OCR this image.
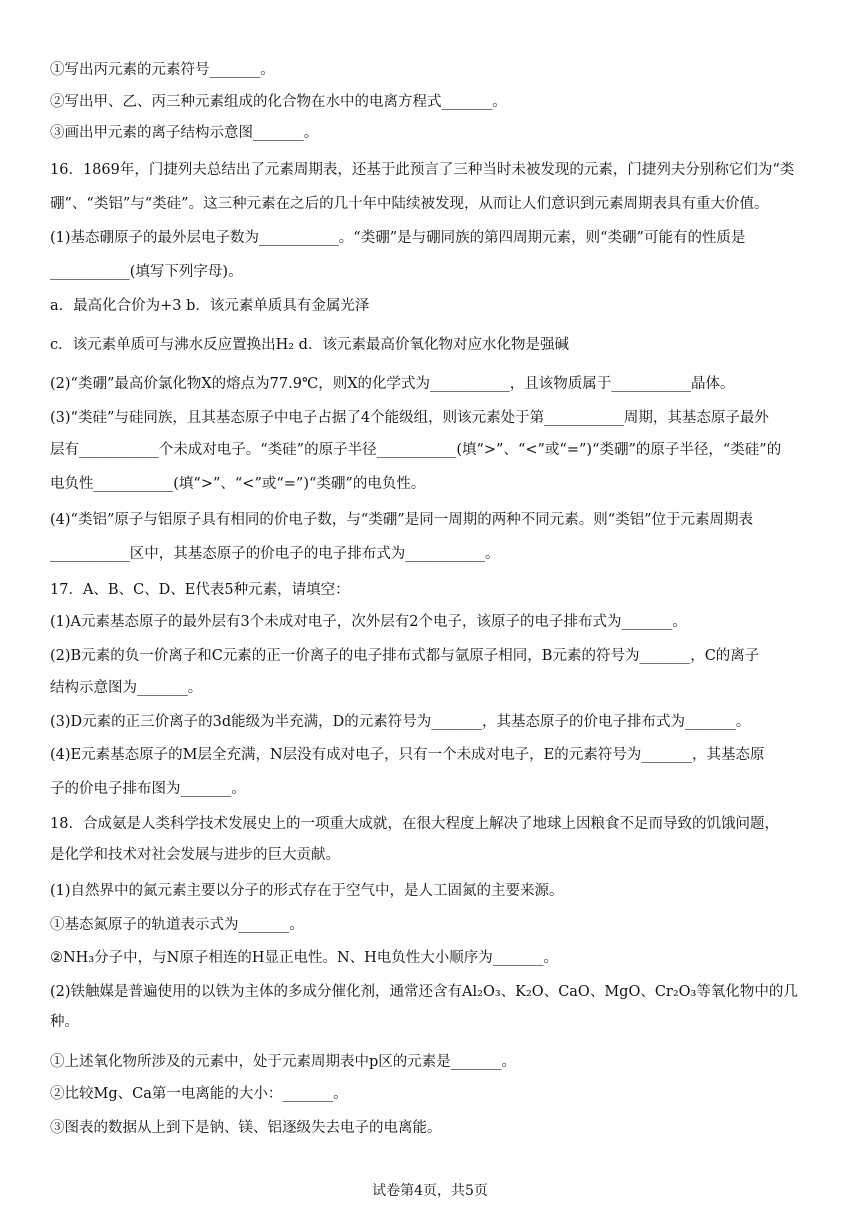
①写出丙元素的元素符号_______。
②写出甲、乙、丙三种元素组成的化合物在水中的电离方程式_______。
③画出甲元素的离子结构示意图_______。
16．1869年，门捷列夫总结出了元素周期表，还基于此预言了三种当时未被发现的元素，门捷列夫分别称它们为“类
硼”、“类铝”与“类硅”。这三种元素在之后的几十年中陆续被发现，从而让人们意识到元素周期表具有重大价值。
(1)基态硼原子的最外层电子数为___________。“类硼”是与硼同族的第四周期元素，则“类硼”可能有的性质是
___________(填写下列字母)。
a．最高化合价为+3 b．该元素单质具有金属光泽
c．该元素单质可与沸水反应置换出H₂ d．该元素最高价氧化物对应水化物是强碱
(2)“类硼”最高价氯化物X的熔点为77.9℃，则X的化学式为___________，且该物质属于___________晶体。
(3)“类硅”与硅同族，且其基态原子中电子占据了4个能级组，则该元素处于第___________周期，其基态原子最外
层有___________个未成对电子。“类硅”的原子半径___________(填“>”、“<”或“=”)“类硼”的原子半径，“类硅”的
电负性___________(填“>”、“<”或“=”)“类硼”的电负性。
(4)“类铝”原子与铝原子具有相同的价电子数，与“类硼”是同一周期的两种不同元素。则“类铝”位于元素周期表
___________区中，其基态原子的价电子的电子排布式为___________。
17．A、B、C、D、E代表5种元素，请填空：
(1)A元素基态原子的最外层有3个未成对电子，次外层有2个电子，该原子的电子排布式为_______。
(2)B元素的负一价离子和C元素的正一价离子的电子排布式都与氩原子相同，B元素的符号为_______，C的离子
结构示意图为_______。
(3)D元素的正三价离子的3d能级为半充满，D的元素符号为_______，其基态原子的价电子排布式为_______。
(4)E元素基态原子的M层全充满，N层没有成对电子，只有一个未成对电子，E的元素符号为_______，其基态原
子的价电子排布图为_______。
18．合成氨是人类科学技术发展史上的一项重大成就，在很大程度上解决了地球上因粮食不足而导致的饥饿问题，
是化学和技术对社会发展与进步的巨大贡献。
(1)自然界中的氮元素主要以分子的形式存在于空气中，是人工固氮的主要来源。
①基态氮原子的轨道表示式为_______。
②NH₃分子中，与N原子相连的H显正电性。N、H电负性大小顺序为_______。
(2)铁触媒是普遍使用的以铁为主体的多成分催化剂，通常还含有Al₂O₃、K₂O、CaO、MgO、Cr₂O₃等氧化物中的几
种。
①上述氧化物所涉及的元素中，处于元素周期表中p区的元素是_______。
②比较Mg、Ca第一电离能的大小：_______。
③图表的数据从上到下是钠、镁、铝逐级失去电子的电离能。
试卷第4页，共5页
